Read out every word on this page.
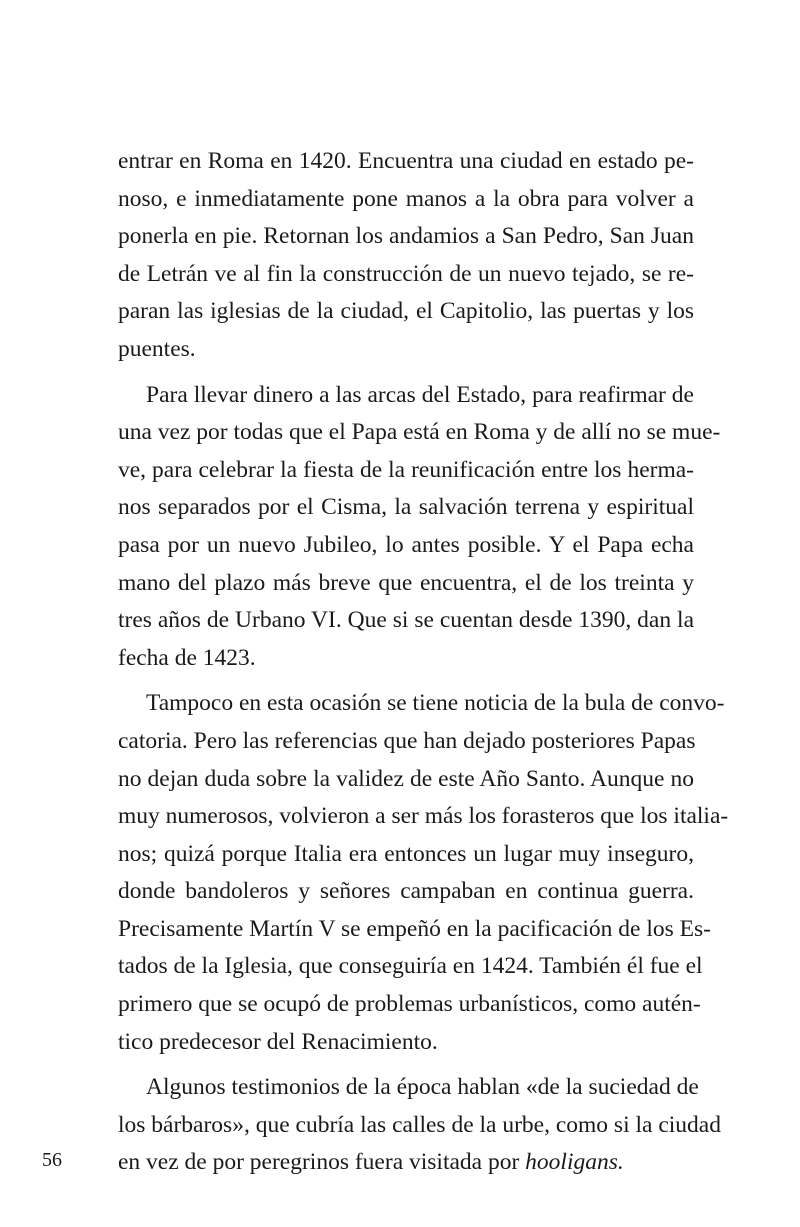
entrar en Roma en 1420. Encuentra una ciudad en estado pe-
noso, e inmediatamente pone manos a la obra para volver a
ponerla en pie. Retornan los andamios a San Pedro, San Juan
de Letrán ve al fin la construcción de un nuevo tejado, se re-
paran las iglesias de la ciudad, el Capitolio, las puertas y los
puentes.
Para llevar dinero a las arcas del Estado, para reafirmar de
una vez por todas que el Papa está en Roma y de allí no se mue-
ve, para celebrar la fiesta de la reunificación entre los herma-
nos separados por el Cisma, la salvación terrena y espiritual
pasa por un nuevo Jubileo, lo antes posible. Y el Papa echa
mano del plazo más breve que encuentra, el de los treinta y
tres años de Urbano VI. Que si se cuentan desde 1390, dan la
fecha de 1423.
Tampoco en esta ocasión se tiene noticia de la bula de convo-
catoria. Pero las referencias que han dejado posteriores Papas
no dejan duda sobre la validez de este Año Santo. Aunque no
muy numerosos, volvieron a ser más los forasteros que los italia-
nos; quizá porque Italia era entonces un lugar muy inseguro,
donde bandoleros y señores campaban en continua guerra.
Precisamente Martín V se empeñó en la pacificación de los Es-
tados de la Iglesia, que conseguiría en 1424. También él fue el
primero que se ocupó de problemas urbanísticos, como autén-
tico predecesor del Renacimiento.
Algunos testimonios de la época hablan «de la suciedad de
los bárbaros», que cubría las calles de la urbe, como si la ciudad
en vez de por peregrinos fuera visitada por hooligans.
56
